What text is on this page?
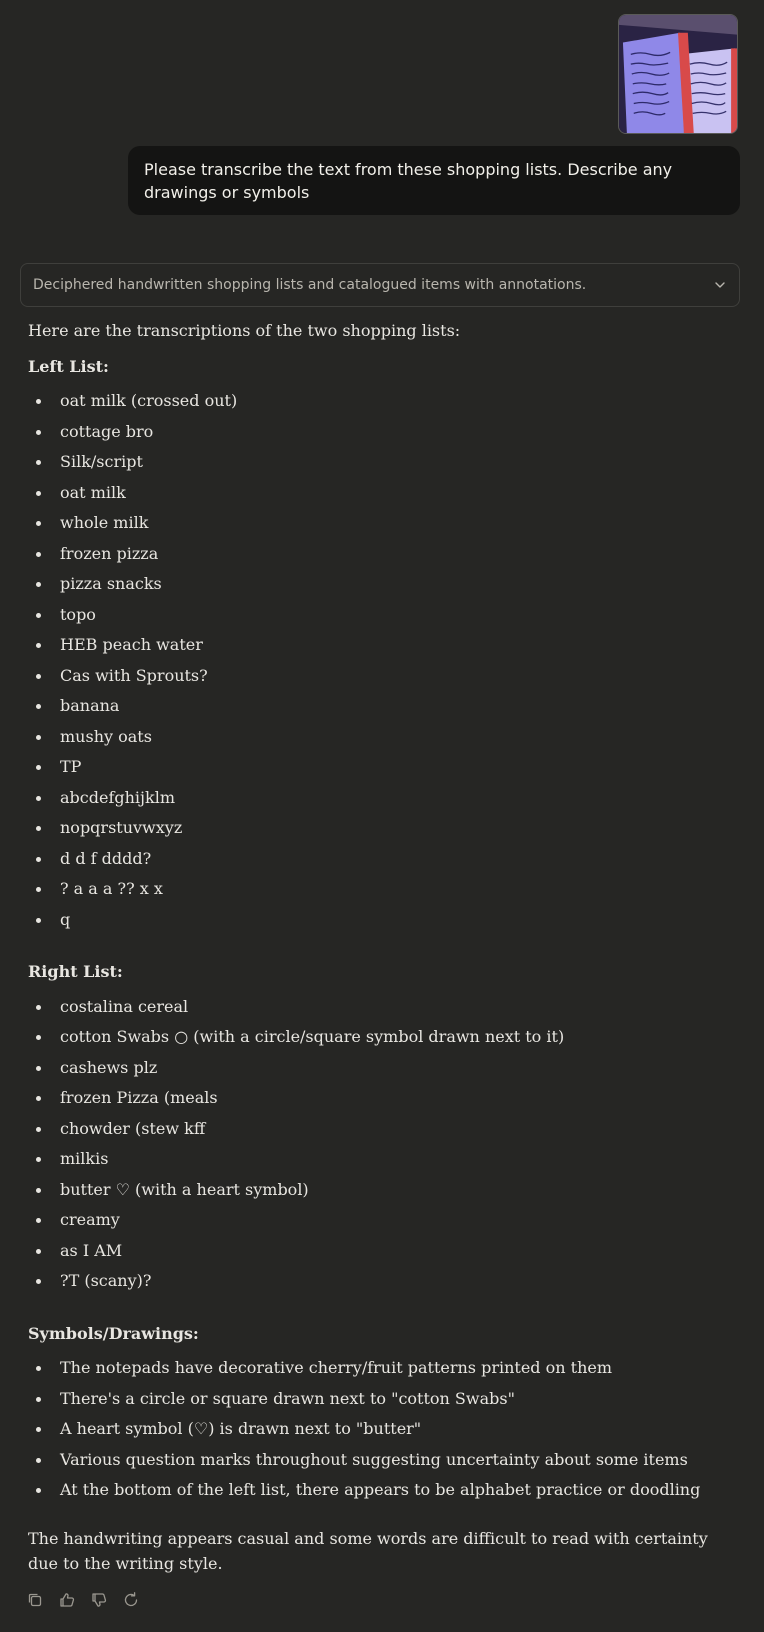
Please transcribe the text from these shopping lists. Describe any drawings or symbols
Deciphered handwritten shopping lists and catalogued items with annotations.

Here are the transcriptions of the two shopping lists:

Left List:

oat milk (crossed out)
cottage bro
Silk/script
oat milk
whole milk
frozen pizza
pizza snacks
topo
HEB peach water
Cas with Sprouts?
banana
mushy oats
TP
abcdefghijklm
nopqrstuvwxyz
d d f dddd?
? a a a ?? x x
q

Right List:

costalina cereal
cotton Swabs ○ (with a circle/square symbol drawn next to it)
cashews plz
frozen Pizza (meals
chowder (stew kff
milkis
butter ♡ (with a heart symbol)
creamy
as I AM
?T (scany)?

Symbols/Drawings:

The notepads have decorative cherry/fruit patterns printed on them
There's a circle or square drawn next to "cotton Swabs"
A heart symbol (♡) is drawn next to "butter"
Various question marks throughout suggesting uncertainty about some items
At the bottom of the left list, there appears to be alphabet practice or doodling

The handwriting appears casual and some words are difficult to read with certainty due to the writing style.
